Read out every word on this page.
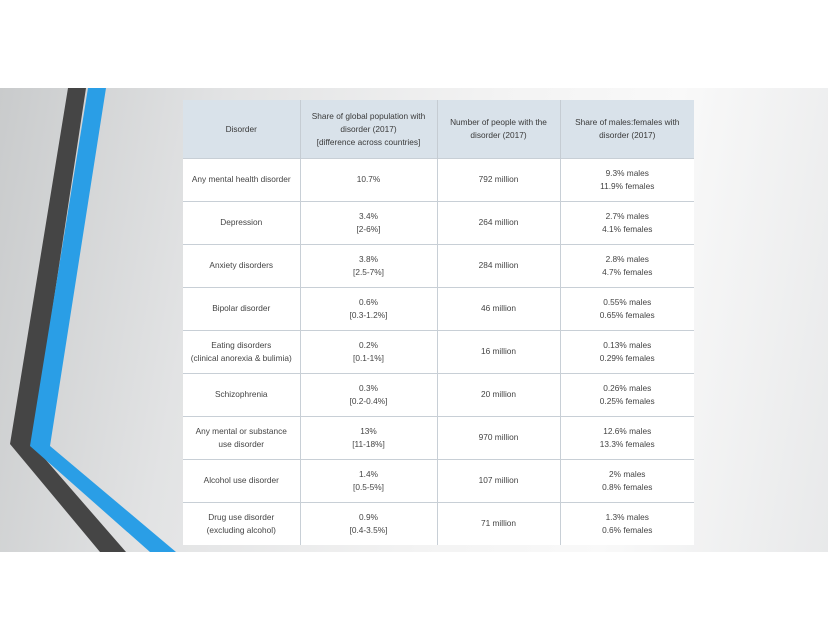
Disorder	Share of global population with
disorder (2017)
[difference across countries]	Number of people with the
disorder (2017)	Share of males:females with
disorder (2017)

Any mental health disorder	10.7%	792 million	9.3% males
11.9% females

Depression	3.4%
[2-6%]	264 million	2.7% males
4.1% females

Anxiety disorders	3.8%
[2.5-7%]	284 million	2.8% males
4.7% females

Bipolar disorder	0.6%
[0.3-1.2%]	46 million	0.55% males
0.65% females

Eating disorders
(clinical anorexia & bulimia)	0.2%
[0.1-1%]	16 million	0.13% males
0.29% females

Schizophrenia	0.3%
[0.2-0.4%]	20 million	0.26% males
0.25% females

Any mental or substance
use disorder	13%
[11-18%]	970 million	12.6% males
13.3% females

Alcohol use disorder	1.4%
[0.5-5%]	107 million	2% males
0.8% females

Drug use disorder
(excluding alcohol)	0.9%
[0.4-3.5%]	71 million	1.3% males
0.6% females
